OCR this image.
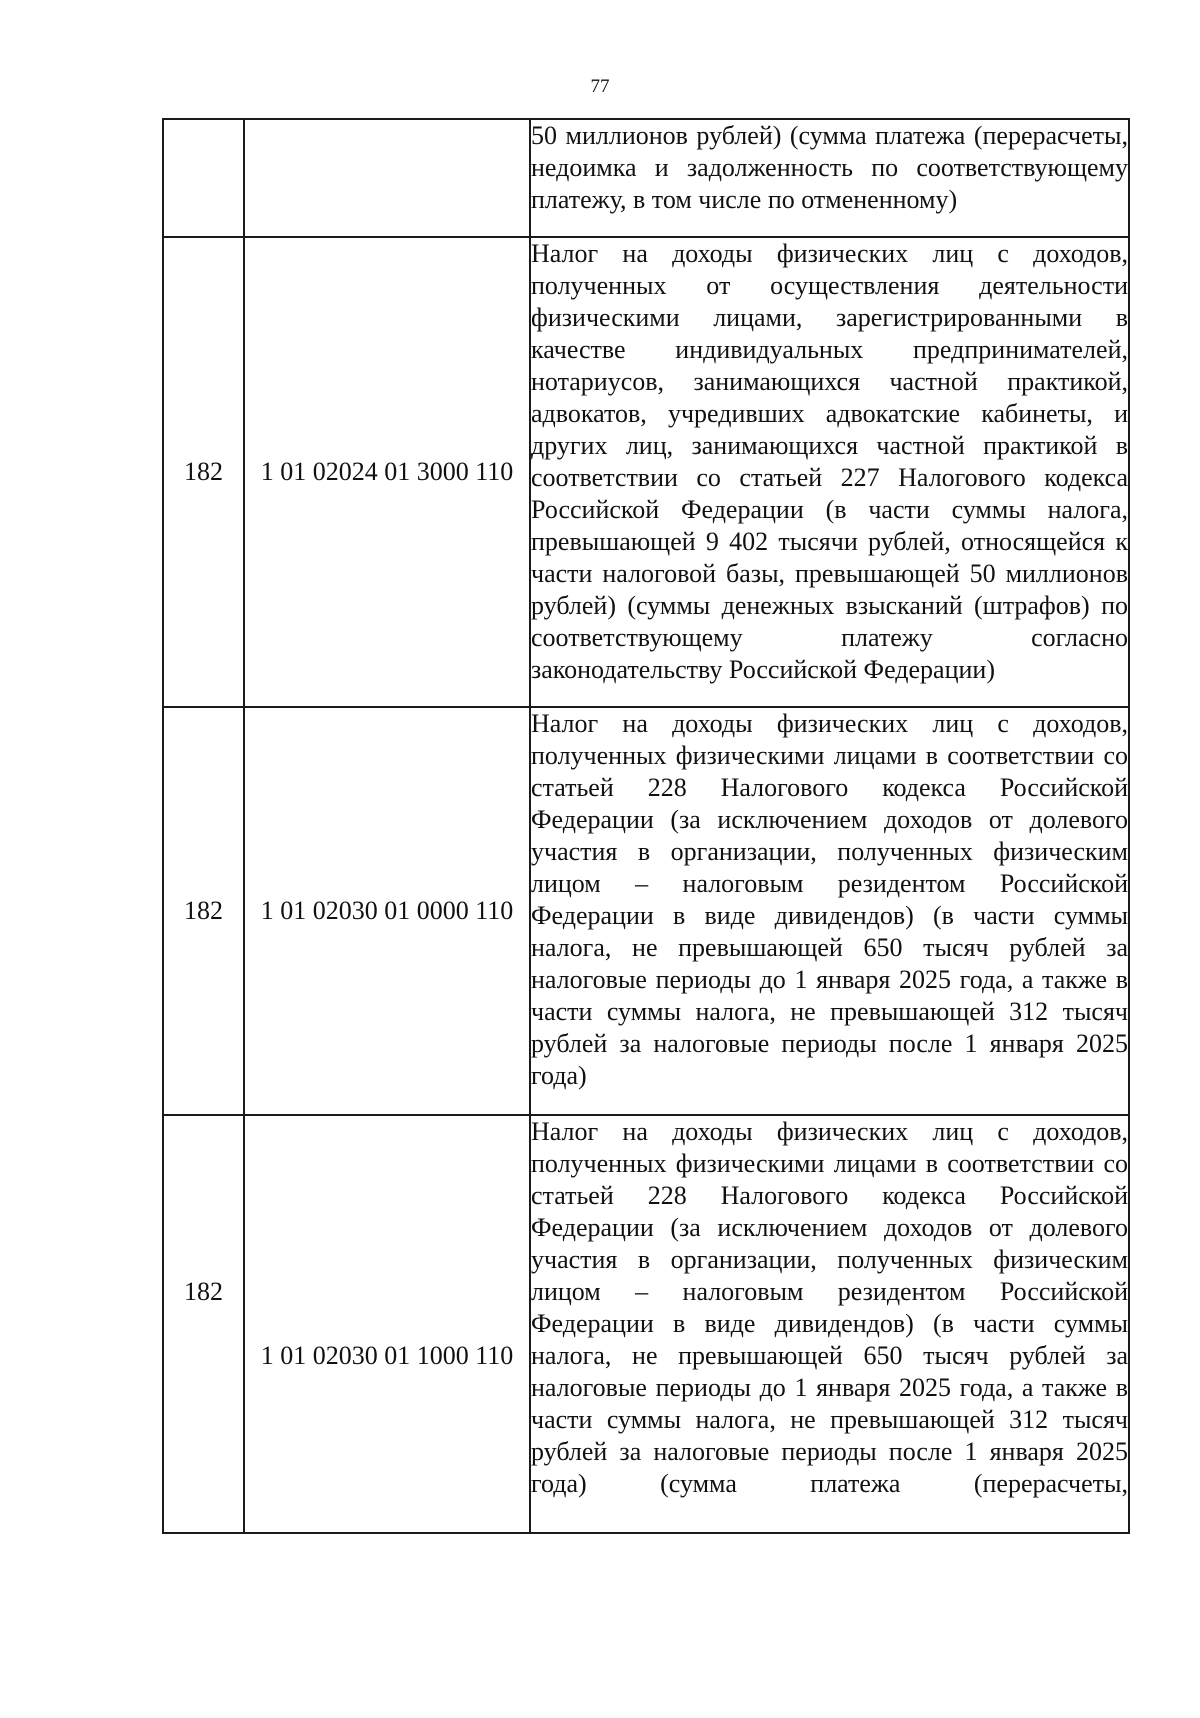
77
		50 миллионов рублей) (сумма платежа (перерасчеты, недоимка и задолженность по соответствующему платежу, в том числе по отмененному)
182	1 01 02024 01 3000 110	Налог на доходы физических лиц с доходов, полученных от осуществления деятельности физическими лицами, зарегистрированными в качестве индивидуальных предпринимателей, нотариусов, занимающихся частной практикой, адвокатов, учредивших адвокатские кабинеты, и других лиц, занимающихся частной практикой в соответствии со статьей 227 Налогового кодекса Российской Федерации (в части суммы налога, превышающей 9 402 тысячи рублей, относящейся к части налоговой базы, превышающей 50 миллионов рублей) (суммы денежных взысканий (штрафов) по соответствующему платежу согласно законодательству Российской Федерации)
182	1 01 02030 01 0000 110	Налог на доходы физических лиц с доходов, полученных физическими лицами в соответствии со статьей 228 Налогового кодекса Российской Федерации (за исключением доходов от долевого участия в организации, полученных физическим лицом – налоговым резидентом Российской Федерации в виде дивидендов) (в части суммы налога, не превышающей 650 тысяч рублей за налоговые периоды до 1 января 2025 года, а также в части суммы налога, не превышающей 312 тысяч рублей за налоговые периоды после 1 января 2025 года)
182	1 01 02030 01 1000 110	Налог на доходы физических лиц с доходов, полученных физическими лицами в соответствии со статьей 228 Налогового кодекса Российской Федерации (за исключением доходов от долевого участия в организации, полученных физическим лицом – налоговым резидентом Российской Федерации в виде дивидендов) (в части суммы налога, не превышающей 650 тысяч рублей за налоговые периоды до 1 января 2025 года, а также в части суммы налога, не превышающей 312 тысяч рублей за налоговые периоды после 1 января 2025 года) (сумма платежа (перерасчеты,
